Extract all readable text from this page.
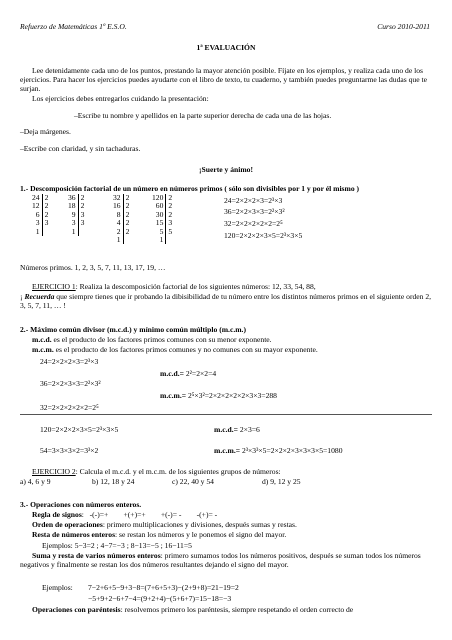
Refuerzo de Matemáticas 1º E.S.O.	Curso 2010-2011
1ª EVALUACIÓN
Lee detenidamente cada uno de los puntos, prestando la mayor atención posible. Fíjate en los ejemplos, y realiza cada uno de los ejercicios. Para hacer los ejercicios puedes ayudarte con el libro de texto, tu cuaderno, y también puedes preguntarme las dudas que te surjan.
Los ejercicios debes entregarlos cuidando la presentación:
–Escribe tu nombre y apellidos en la parte superior derecha de cada una de las hojas.
–Deja márgenes.
–Escribe con claridad, y sin tachaduras.
¡Suerte y ánimo!
1.- Descomposición factorial de un número en números primos ( sólo son divisibles por 1 y por él mismo )
24	2
12	2
6	2
3	3
1	
36	2
18	2
9	3
3	3
1	
32	2
16	2
8	2
4	2
2	2
1	
120	2
60	2
30	2
15	3
5	5
1	
24=2×2×2×3=2³×3
36=2×2×3×3=2²×3²
32=2×2×2×2×2=2⁵
120=2×2×2×3×5=2³×3×5
Números primos. 1, 2, 3, 5, 7, 11, 13, 17, 19, …
EJERCICIO 1: Realiza la descomposición factorial de los siguientes números: 12, 33, 54, 88,
¡ Recuerda que siempre tienes que ir probando la dibisibilidad de tu número entre los distintos números primos en el siguiente orden 2, 3, 5, 7, 11, … !
2.- Máximo común divisor (m.c.d.) y mínimo común múltiplo (m.c.m.)
m.c.d. es el producto de los factores primos comunes con su menor exponente.
m.c.m. es el producto de los factores primos comunes y no comunes con su mayor exponente.
24=2×2×2×3=2³×3
m.c.d.= 2²=2×2=4
36=2×2×3×3=2²×3²
m.c.m.= 2⁵×3²=2×2×2×2×2×3×3=288
32=2×2×2×2×2=2⁵
120=2×2×2×3×5=2³×3×5	m.c.d.= 2×3=6
54=3×3×3×2=3³×2	m.c.m.= 2³×3³×5=2×2×2×3×3×3×5=1080
EJERCICIO 2: Calcula el m.c.d. y el m.c.m. de los siguientes grupos de números:
a) 4, 6 y 9	b) 12, 18 y 24	c) 22, 40 y 54	d) 9, 12 y 25
3.- Operaciones con números enteros.
Regla de signos:   -(-)=+        +(+)=+        +(-)= -        -(+)= -
Orden de operaciones: primero multiplicaciones y divisiones, después sumas y restas.
Resta de números enteros: se restan los números y le ponemos el signo del mayor.
Ejemplos: 5−3=2 ; 4−7=−3 ; 8−13=−5 ; 16−11=5
Suma y resta de varios números enteros: primero sumamos todos los números positivos, después se suman todos los números negativos y finalmente se restan los dos números resultantes dejando el signo del mayor.
Ejemplos: 7−2+6+5−9+3−8=(7+6+5+3)−(2+9+8)=21−19=2
−5+9+2−6+7−4=(9+2+4)−(5+6+7)=15−18=−3
Operaciones con paréntesis: resolvemos primero los paréntesis, siempre respetando el orden correcto de
